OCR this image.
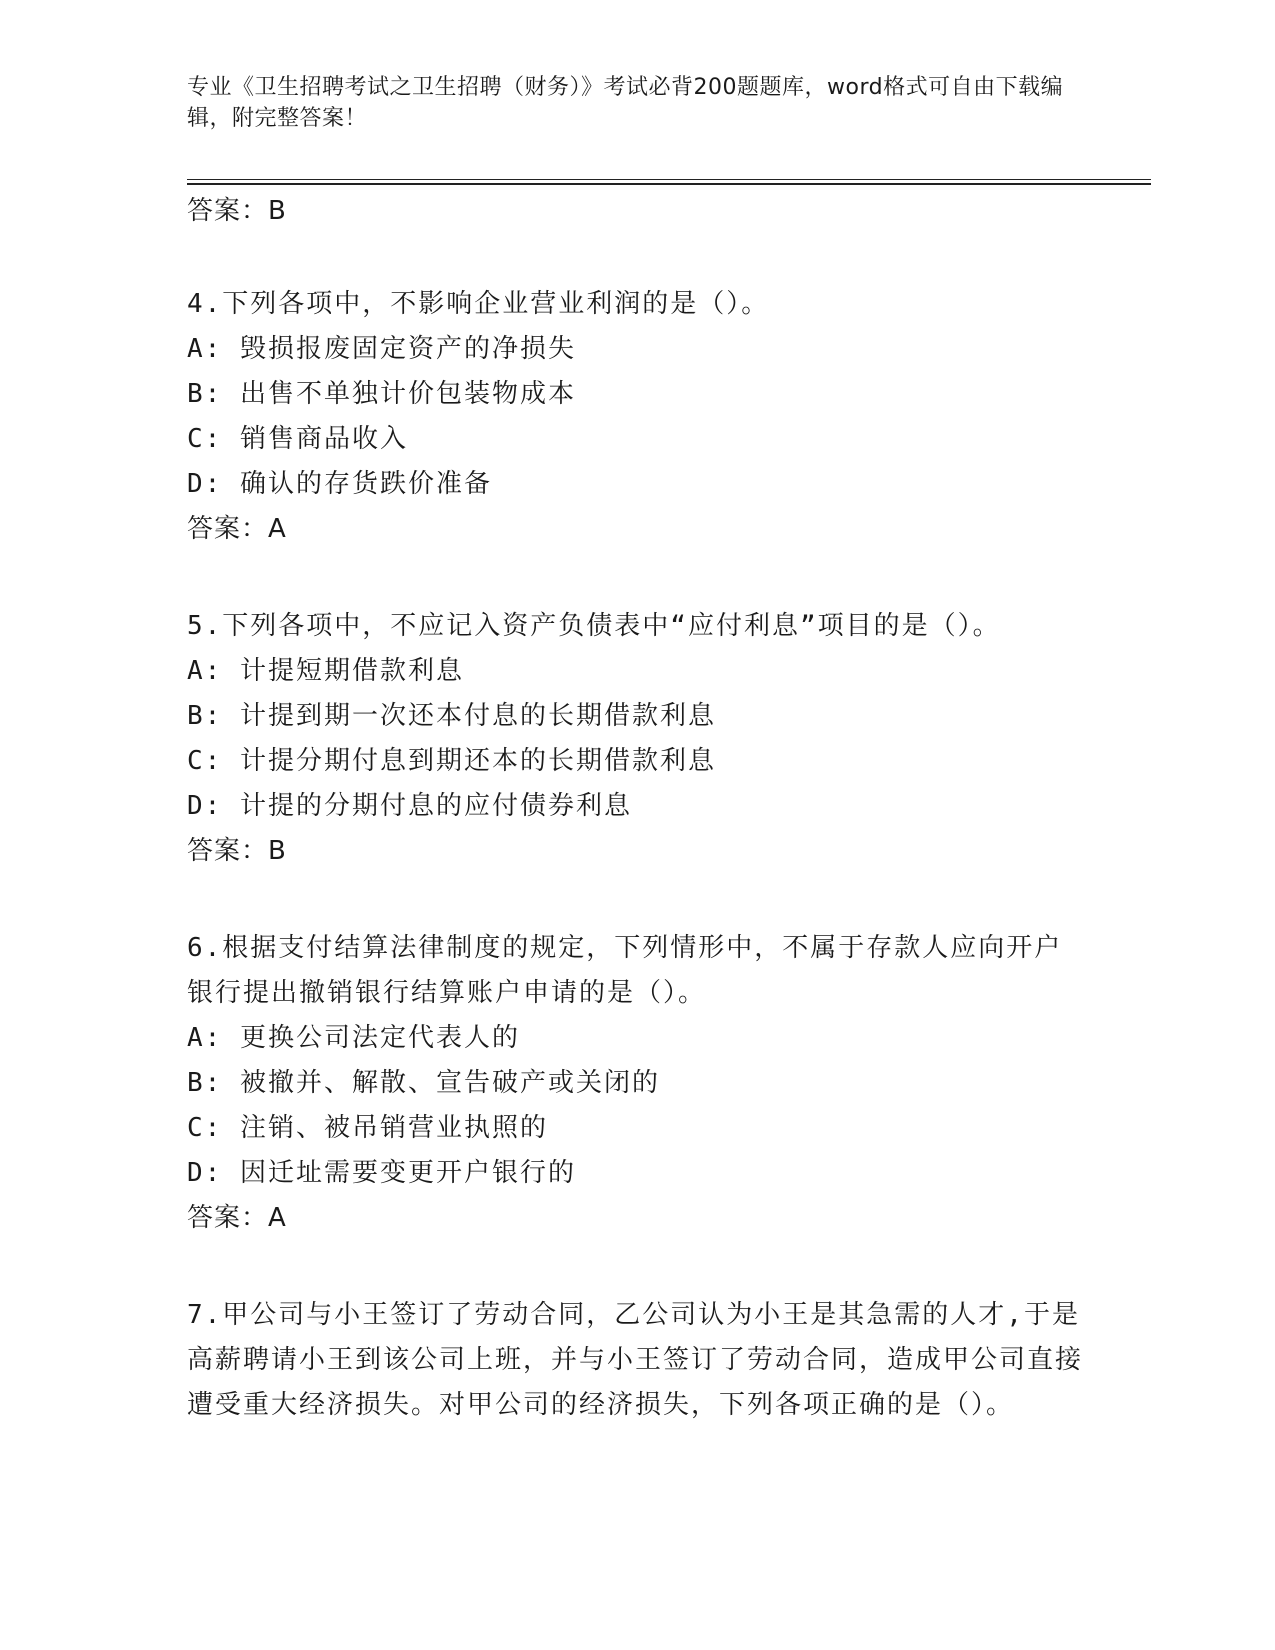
专业《卫生招聘考试之卫生招聘（财务）》考试必背200题题库，word格式可自由下载编辑，附完整答案！

答案：B

4.下列各项中，不影响企业营业利润的是（）。

A: 毁损报废固定资产的净损失

B: 出售不单独计价包装物成本

C: 销售商品收入

D: 确认的存货跌价准备

答案：A

5.下列各项中，不应记入资产负债表中“应付利息”项目的是（）。

A: 计提短期借款利息

B: 计提到期一次还本付息的长期借款利息

C: 计提分期付息到期还本的长期借款利息

D: 计提的分期付息的应付债券利息

答案：B

6.根据支付结算法律制度的规定，下列情形中，不属于存款人应向开户银行提出撤销银行结算账户申请的是（）。

A: 更换公司法定代表人的

B: 被撤并、解散、宣告破产或关闭的

C: 注销、被吊销营业执照的

D: 因迁址需要变更开户银行的

答案：A

7.甲公司与小王签订了劳动合同，乙公司认为小王是其急需的人才,于是高薪聘请小王到该公司上班，并与小王签订了劳动合同，造成甲公司直接遭受重大经济损失。对甲公司的经济损失，下列各项正确的是（）。
